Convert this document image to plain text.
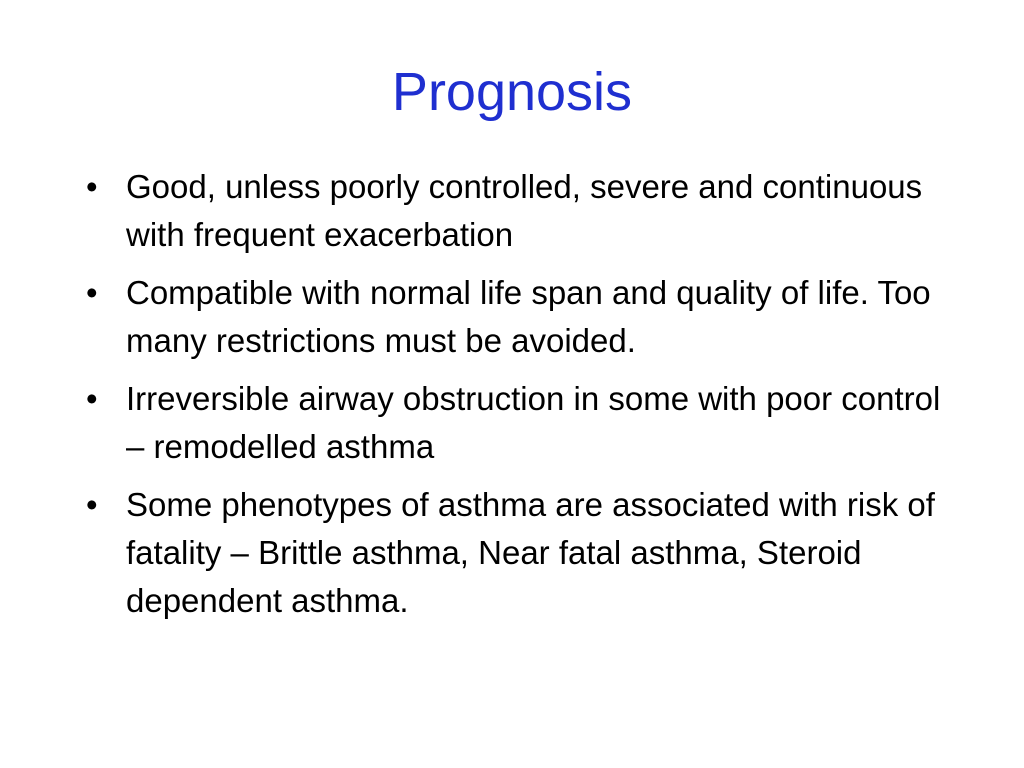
Prognosis
• Good, unless poorly controlled, severe and continuous with frequent exacerbation
• Compatible with normal life span and quality of life. Too many restrictions must be avoided.
• Irreversible airway obstruction in some with poor control – remodelled asthma
• Some phenotypes of asthma are associated with risk of fatality – Brittle asthma, Near fatal asthma, Steroid dependent asthma.
